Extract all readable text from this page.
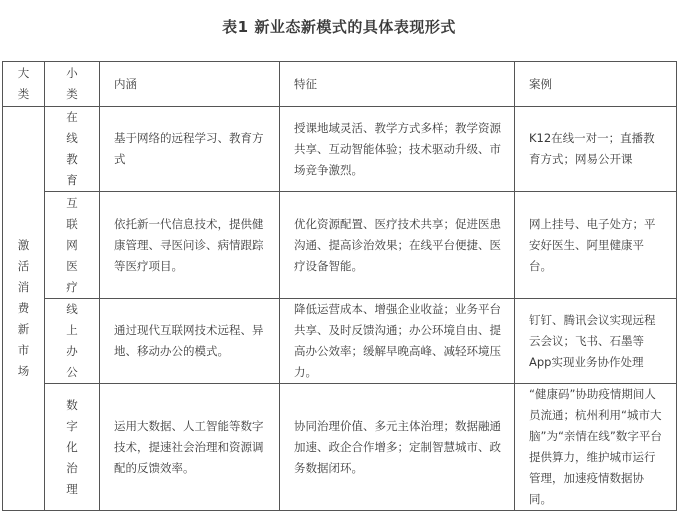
表1 新业态新模式的具体表现形式
大类	小类	内涵	特征	案例

激活消费新市场	在线教育	基于网络的远程学习、教育方式	授课地域灵活、教学方式多样；教学资源共享、互动智能体验；技术驱动升级、市场竞争激烈。	K12在线一对一；直播教育方式；网易公开课

	互联网医疗	依托新一代信息技术，提供健康管理、寻医问诊、病情跟踪等医疗项目。	优化资源配置、医疗技术共享；促进医患沟通、提高诊治效果；在线平台便捷、医疗设备智能。	网上挂号、电子处方；平安好医生、阿里健康平台。

	线上办公	通过现代互联网技术远程、异地、移动办公的模式。	降低运营成本、增强企业收益；业务平台共享、及时反馈沟通；办公环境自由、提高办公效率；缓解早晚高峰、减轻环境压力。	钉钉、腾讯会议实现远程云会议；飞书、石墨等App实现业务协作处理

	数字化治理	运用大数据、人工智能等数字技术，提速社会治理和资源调配的反馈效率。	协同治理价值、多元主体治理；数据融通加速、政企合作增多；定制智慧城市、政务数据闭环。	“健康码”协助疫情期间人员流通；杭州利用“城市大脑”为“亲情在线”数字平台提供算力，维护城市运行管理，加速疫情数据协同。
